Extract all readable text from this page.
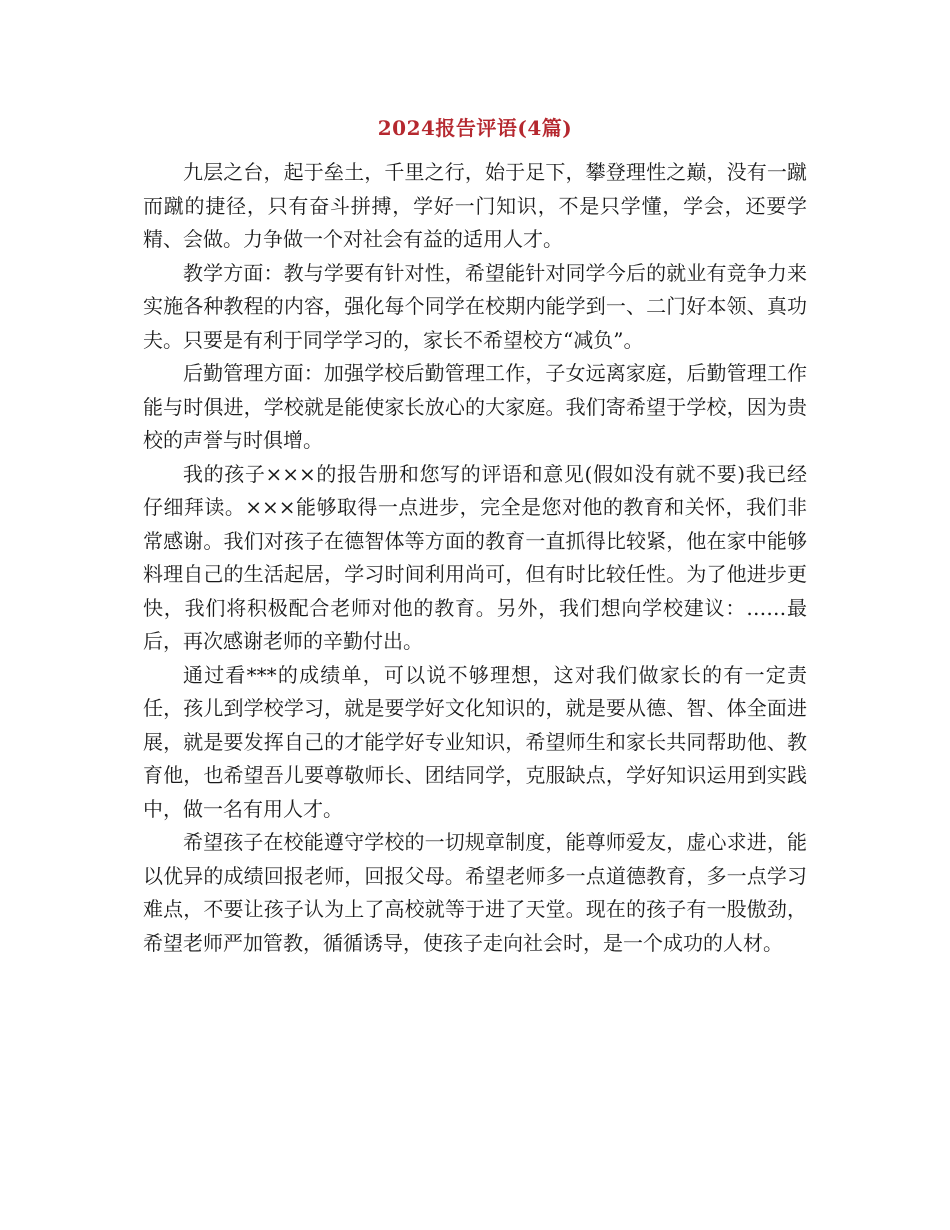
2024报告评语(4篇)

九层之台，起于垒土，千里之行，始于足下，攀登理性之巅，没有一蹴而蹴的捷径，只有奋斗拼搏，学好一门知识，不是只学懂，学会，还要学精、会做。力争做一个对社会有益的适用人才。

教学方面：教与学要有针对性，希望能针对同学今后的就业有竞争力来实施各种教程的内容，强化每个同学在校期内能学到一、二门好本领、真功夫。只要是有利于同学学习的，家长不希望校方“减负”。

后勤管理方面：加强学校后勤管理工作，子女远离家庭，后勤管理工作能与时俱进，学校就是能使家长放心的大家庭。我们寄希望于学校，因为贵校的声誉与时俱增。

我的孩子×××的报告册和您写的评语和意见(假如没有就不要)我已经仔细拜读。×××能够取得一点进步，完全是您对他的教育和关怀，我们非常感谢。我们对孩子在德智体等方面的教育一直抓得比较紧，他在家中能够料理自己的生活起居，学习时间利用尚可，但有时比较任性。为了他进步更快，我们将积极配合老师对他的教育。另外，我们想向学校建议：……最后，再次感谢老师的辛勤付出。

通过看***的成绩单，可以说不够理想，这对我们做家长的有一定责任，孩儿到学校学习，就是要学好文化知识的，就是要从德、智、体全面进展，就是要发挥自己的才能学好专业知识，希望师生和家长共同帮助他、教育他，也希望吾儿要尊敬师长、团结同学，克服缺点，学好知识运用到实践中，做一名有用人才。

希望孩子在校能遵守学校的一切规章制度，能尊师爱友，虚心求进，能以优异的成绩回报老师，回报父母。希望老师多一点道德教育，多一点学习难点，不要让孩子认为上了高校就等于进了天堂。现在的孩子有一股傲劲，希望老师严加管教，循循诱导，使孩子走向社会时，是一个成功的人材。
